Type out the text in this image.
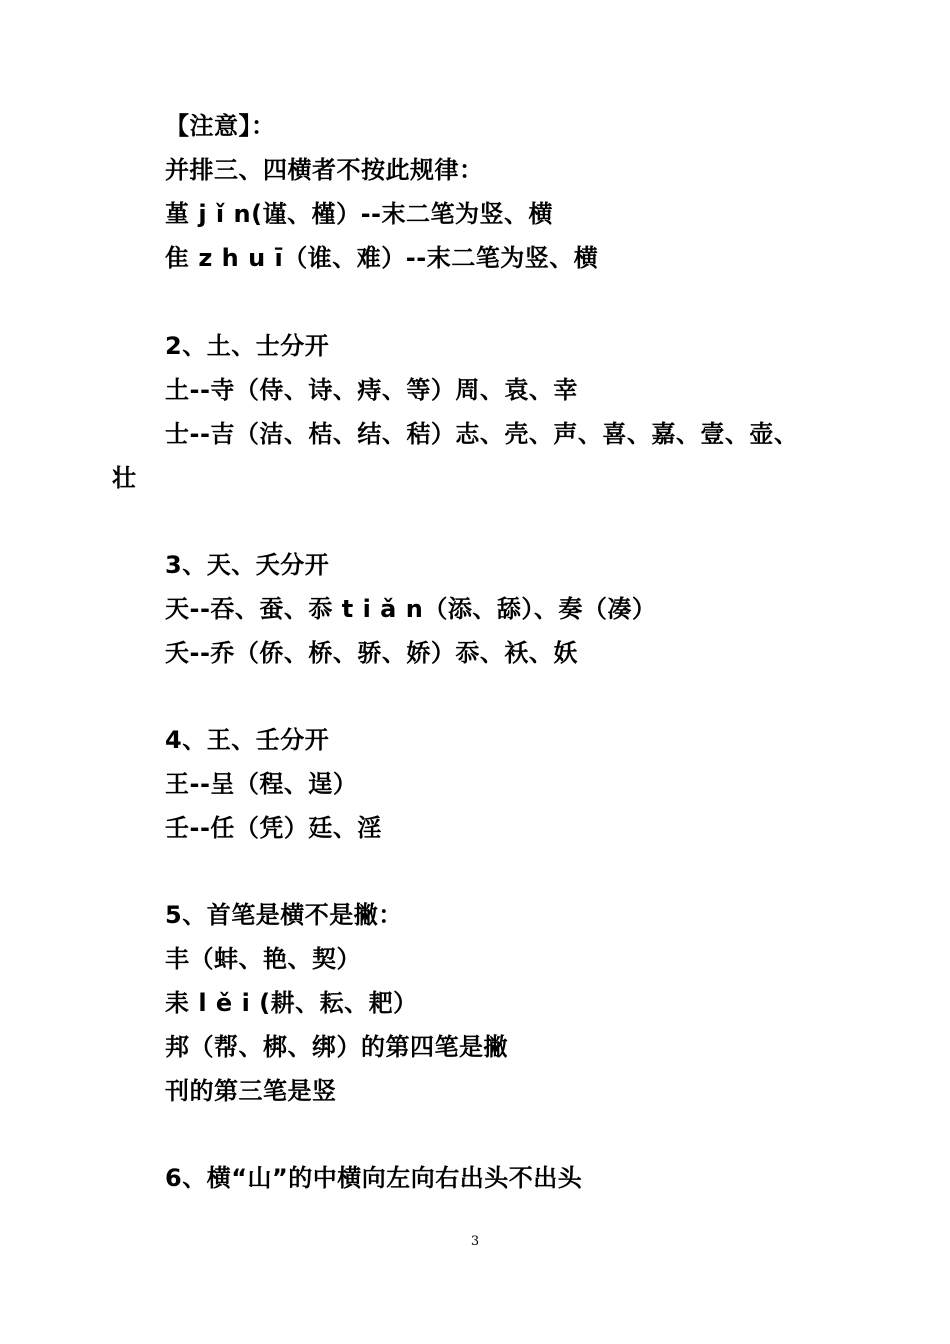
【注意】：
并排三、四横者不按此规律：
堇 j ǐ n(谨、槿）--末二笔为竖、横
隹 z h u ī（谁、难）--末二笔为竖、横
2、土、士分开
土--寺（侍、诗、痔、等）周、袁、幸
士--吉（洁、桔、结、秸）志、壳、声、喜、嘉、壹、壶、
壮
3、天、夭分开
天--吞、蚕、忝 t i ǎ n（添、舔）、奏（凑）
夭--乔（侨、桥、骄、娇）忝、袄、妖
4、王、壬分开
王--呈（程、逞）
壬--任（凭）廷、淫
5、首笔是横不是撇：
丰（蚌、艳、契）
耒 l ě i (耕、耘、耙）
邦（帮、梆、绑）的第四笔是撇
刊的第三笔是竖
6、横“山”的中横向左向右出头不出头
3
